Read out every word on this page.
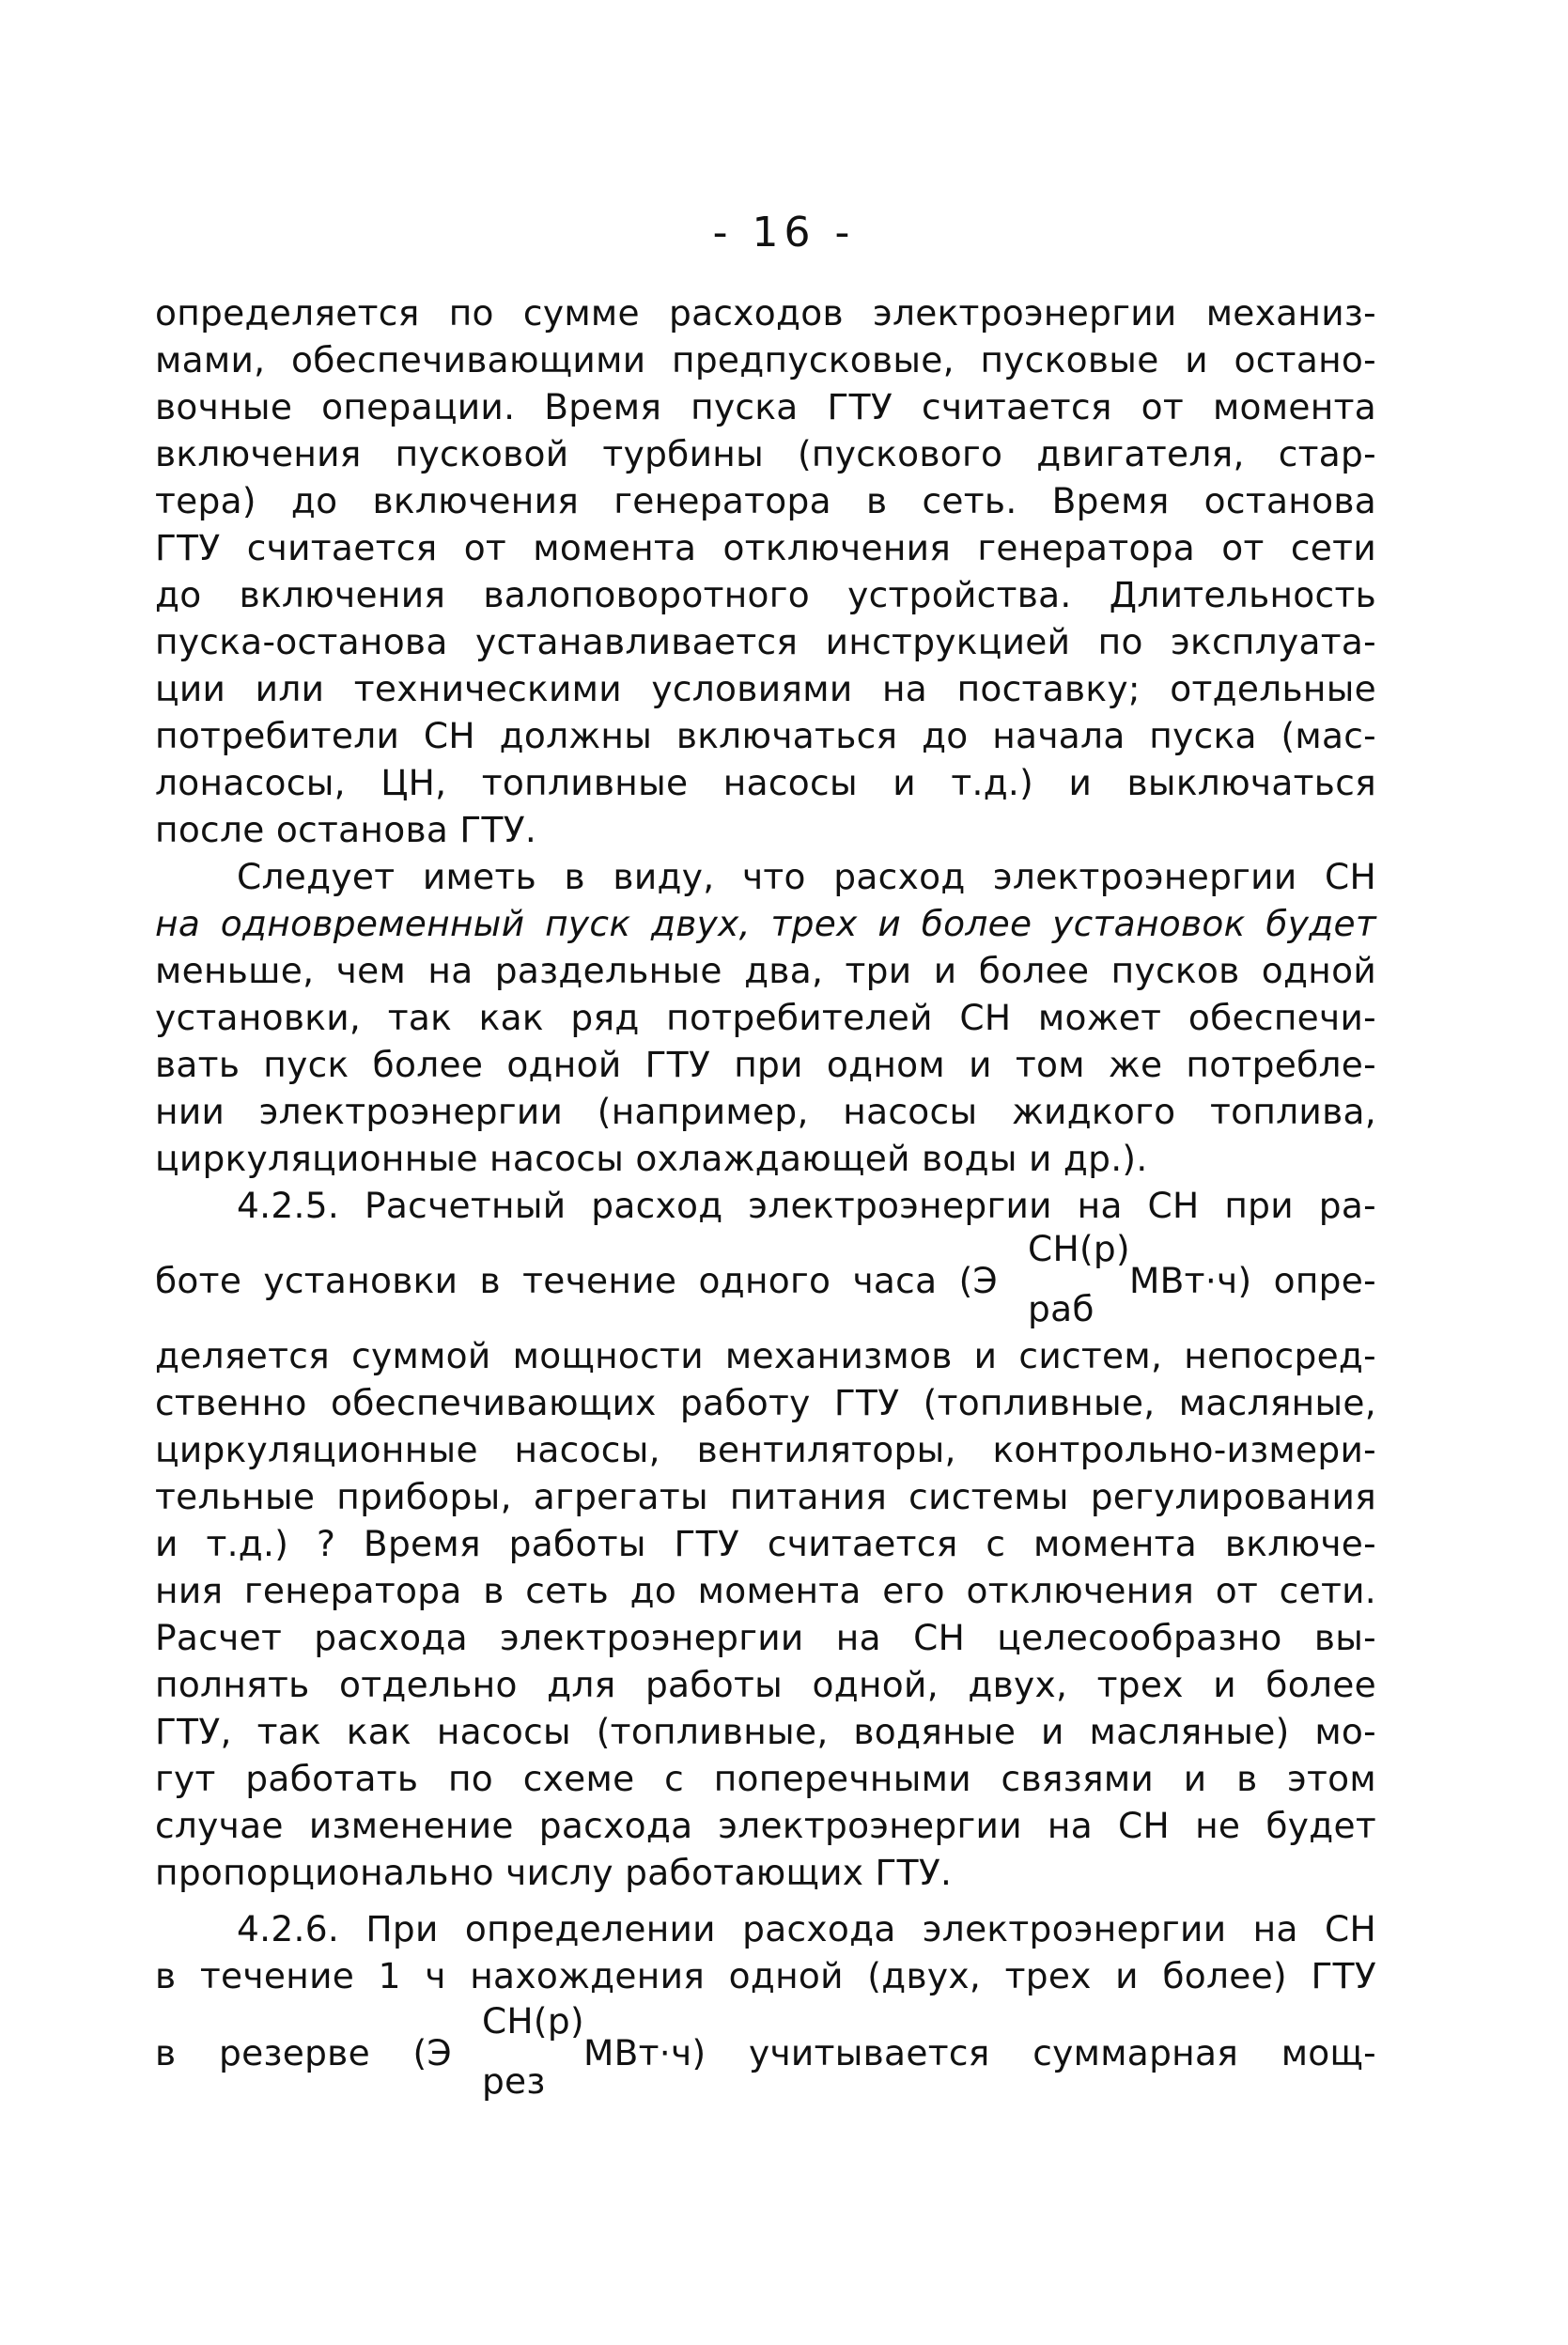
- 16 -
определяется по сумме расходов электроэнергии механиз-
мами, обеспечивающими предпусковые, пусковые и остано-
вочные операции. Время пуска ГТУ считается от момента
включения пусковой турбины (пускового двигателя, стар-
тера) до включения генератора в сеть. Время останова
ГТУ считается от момента отключения генератора от сети
до включения валоповоротного устройства. Длительность
пуска-останова устанавливается инструкцией по эксплуата-
ции или техническими условиями на поставку; отдельные
потребители СН должны включаться до начала пуска (мас-
лонасосы, ЦН, топливные насосы и т.д.) и выключаться
после останова ГТУ.
Следует иметь в виду, что расход электроэнергии СН
на одновременный пуск двух, трех и более установок будет
меньше, чем на раздельные два, три и более пусков одной
установки, так как ряд потребителей СН может обеспечи-
вать пуск более одной ГТУ при одном и том же потребле-
нии электроэнергии (например, насосы жидкого топлива,
циркуляционные насосы охлаждающей воды и др.).
4.2.5. Расчетный расход электроэнергии на СН при ра-
боте установки в течение одного часа (Э
СН(р)
раб
МВт·ч) опре-
деляется суммой мощности механизмов и систем, непосред-
ственно обеспечивающих работу ГТУ (топливные, масляные,
циркуляционные насосы, вентиляторы, контрольно-измери-
тельные приборы, агрегаты питания системы регулирования
и т.д.) ? Время работы ГТУ считается с момента включе-
ния генератора в сеть до момента его отключения от сети.
Расчет расхода электроэнергии на СН целесообразно вы-
полнять отдельно для работы одной, двух, трех и более
ГТУ, так как насосы (топливные, водяные и масляные) мо-
гут работать по схеме с поперечными связями и в этом
случае изменение расхода электроэнергии на СН не будет
пропорционально числу работающих ГТУ.
4.2.6. При определении расхода электроэнергии на СН
в течение 1 ч нахождения одной (двух, трех и более) ГТУ
в резерве (Э
СН(р)
рез
МВт·ч) учитывается суммарная мощ-
